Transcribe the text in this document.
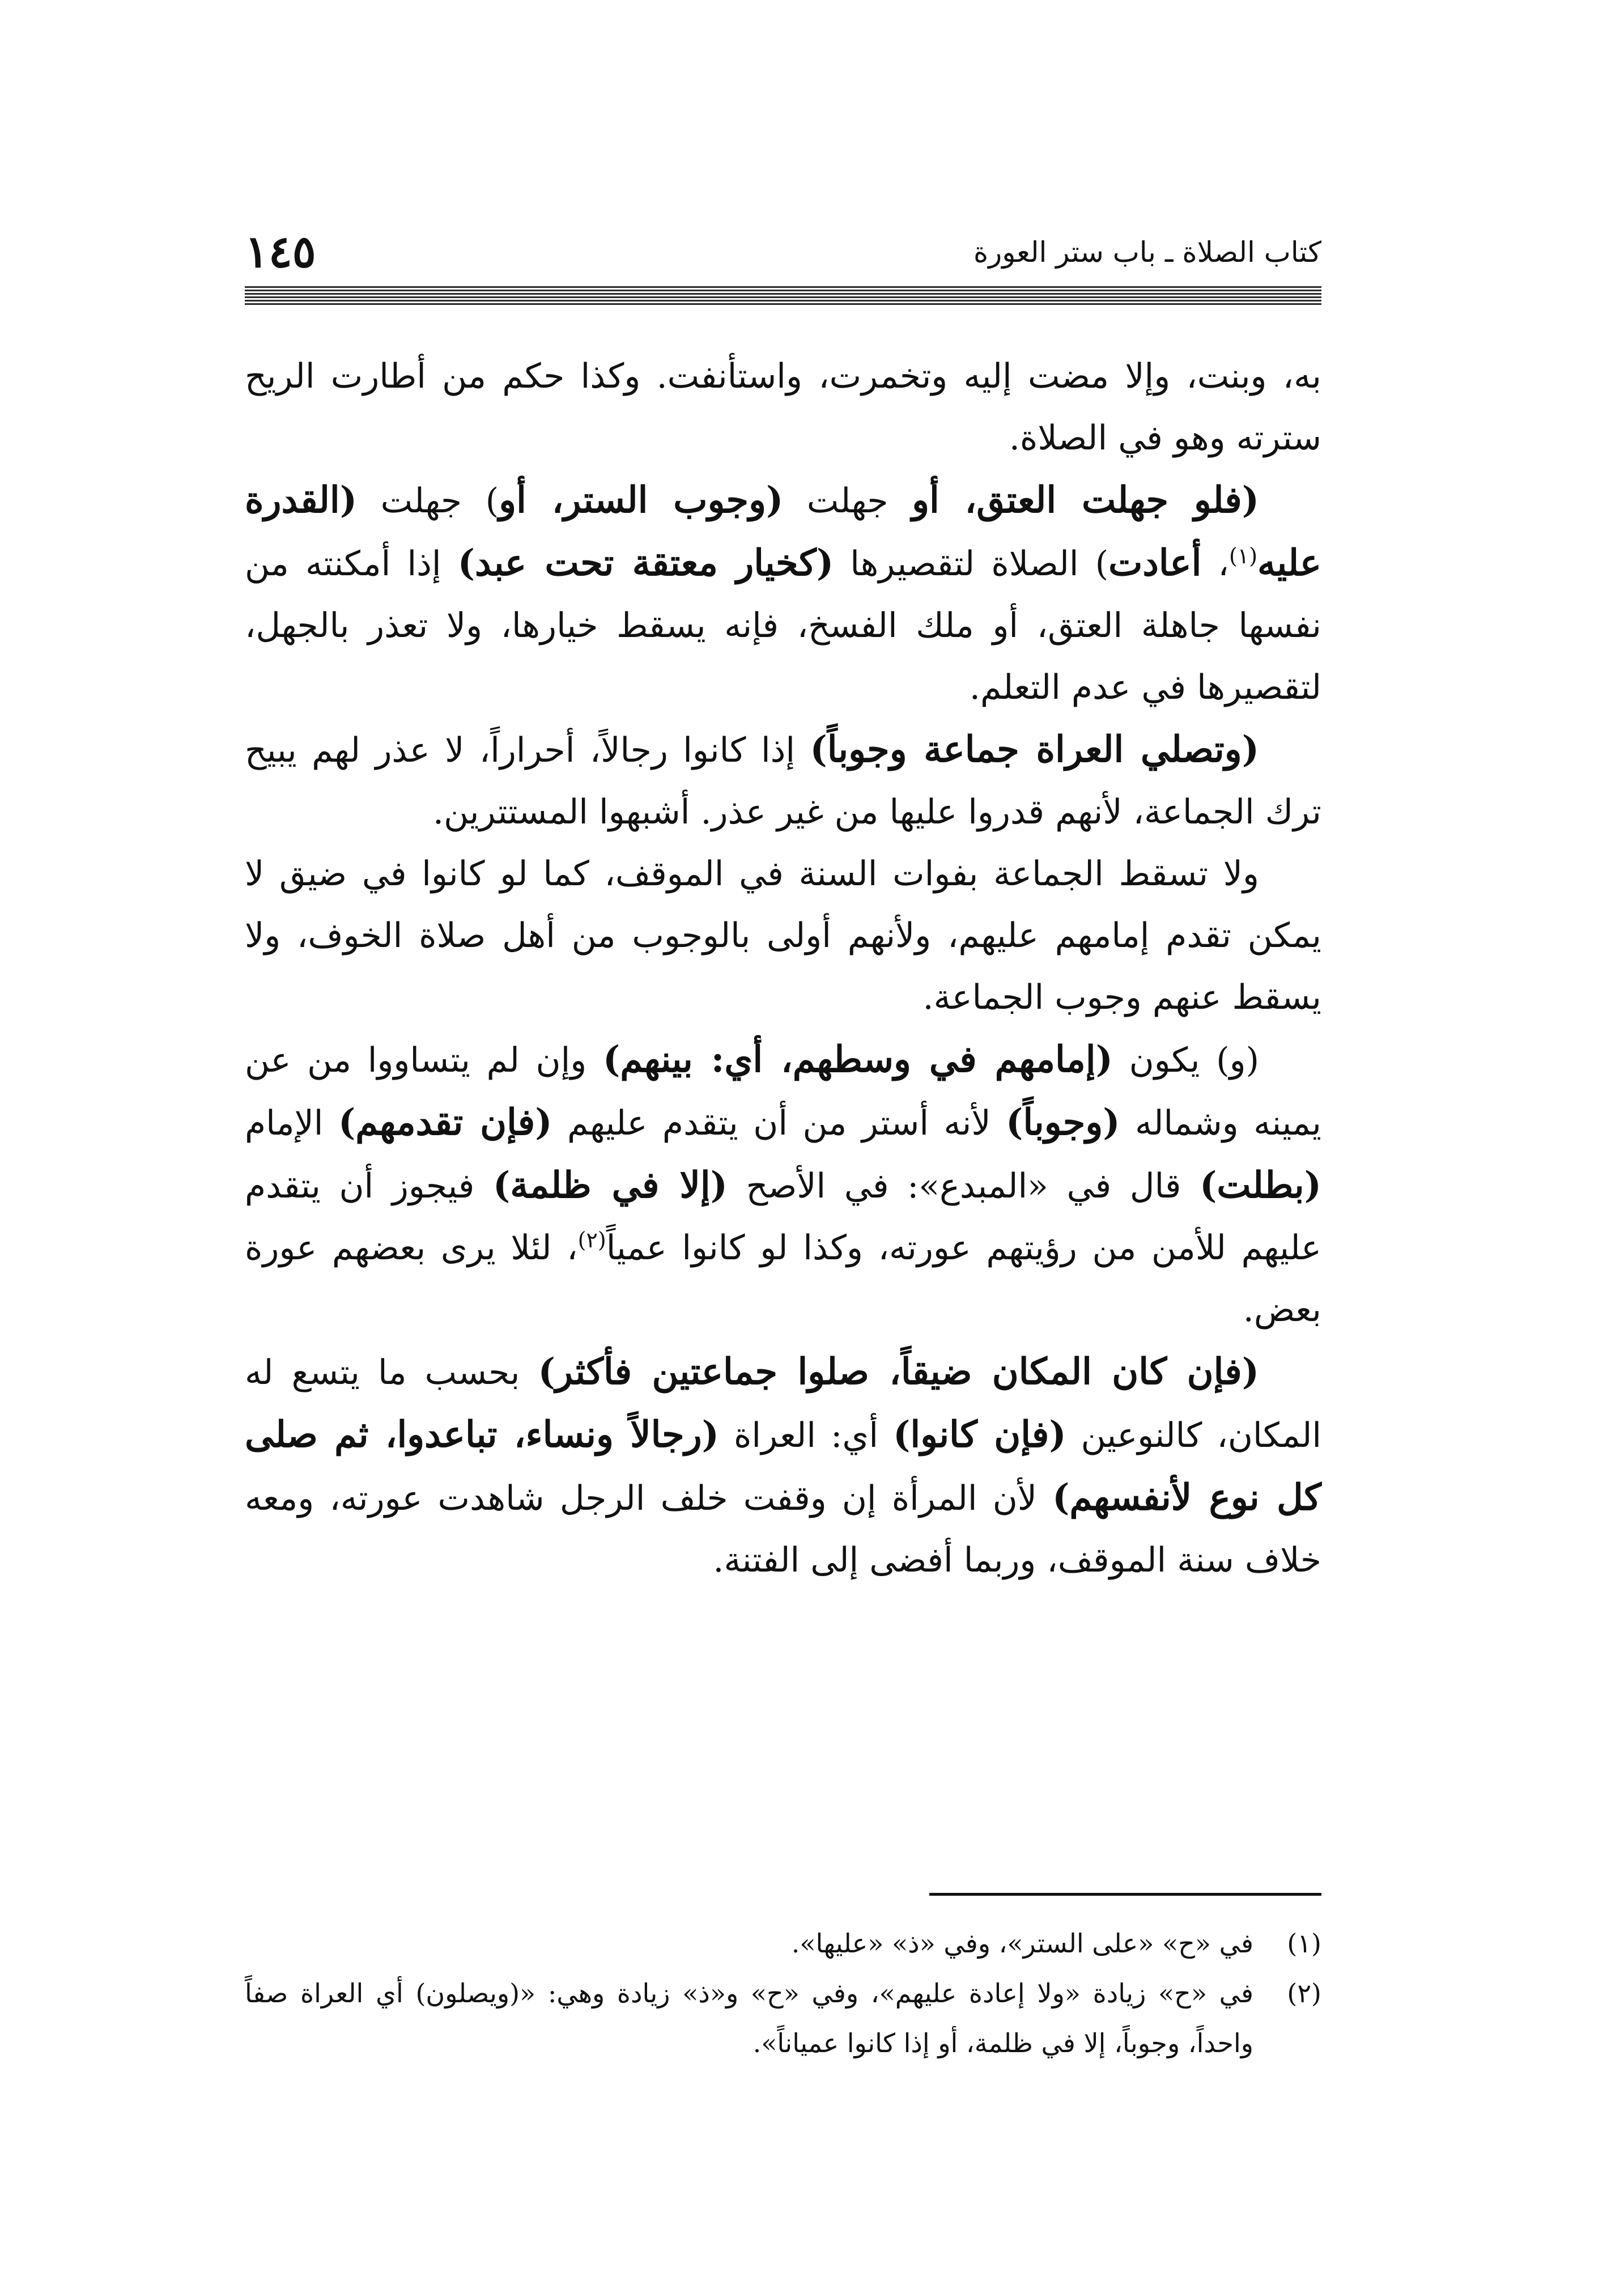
١٤٥	كتاب الصلاة ـ باب ستر العورة

به، وبنت، وإلا مضت إليه وتخمرت، واستأنفت. وكذا حكم من أطارت الريح سترته وهو في الصلاة.

(فلو جهلت العتق، أو جهلت (وجوب الستر، أو) جهلت (القدرة عليه$^{(١)}$، أعادت) الصلاة لتقصيرها (كخيار معتقة تحت عبد) إذا أمكنته من نفسها جاهلة العتق، أو ملك الفسخ، فإنه يسقط خيارها، ولا تعذر بالجهل، لتقصيرها في عدم التعلم.

(وتصلي العراة جماعة وجوباً) إذا كانوا رجالاً، أحراراً، لا عذر لهم يبيح ترك الجماعة، لأنهم قدروا عليها من غير عذر. أشبهوا المستترين.

ولا تسقط الجماعة بفوات السنة في الموقف، كما لو كانوا في ضيق لا يمكن تقدم إمامهم عليهم، ولأنهم أولى بالوجوب من أهل صلاة الخوف، ولا يسقط عنهم وجوب الجماعة.

(و) يكون (إمامهم في وسطهم، أي: بينهم) وإن لم يتساووا من عن يمينه وشماله (وجوباً) لأنه أستر من أن يتقدم عليهم (فإن تقدمهم) الإمام (بطلت) قال في «المبدع»: في الأصح (إلا في ظلمة) فيجوز أن يتقدم عليهم للأمن من رؤيتهم عورته، وكذا لو كانوا عمياً$^{(٢)}$، لئلا يرى بعضهم عورة بعض.

(فإن كان المكان ضيقاً، صلوا جماعتين فأكثر) بحسب ما يتسع له المكان، كالنوعين (فإن كانوا) أي: العراة (رجالاً ونساء، تباعدوا، ثم صلى كل نوع لأنفسهم) لأن المرأة إن وقفت خلف الرجل شاهدت عورته، ومعه خلاف سنة الموقف، وربما أفضى إلى الفتنة.

(١)
في «ح» «على الستر»، وفي «ذ» «عليها».
(٢)
في «ح» زيادة «ولا إعادة عليهم»، وفي «ح» و«ذ» زيادة وهي: «(ويصلون) أي العراة صفاً واحداً، وجوباً، إلا في ظلمة، أو إذا كانوا عمياناً».
